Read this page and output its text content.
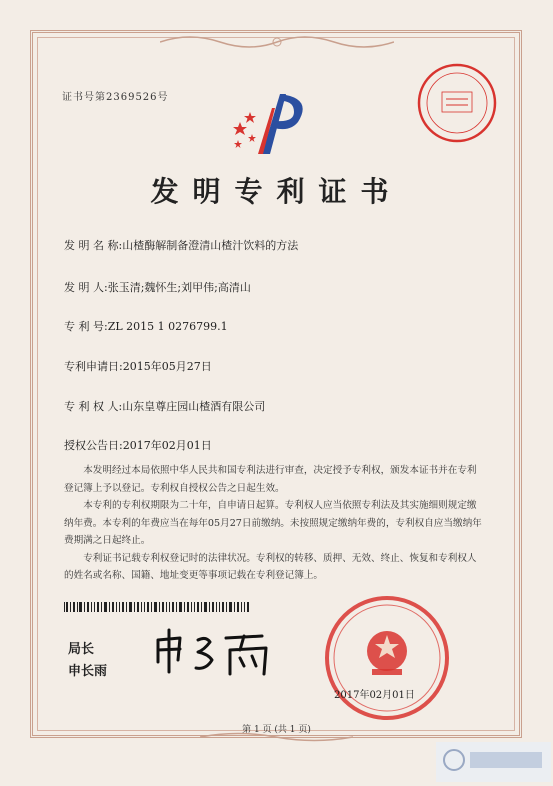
证书号第2369526号
发明专利证书
发 明 名 称:山楂酶解制备澄清山楂汁饮料的方法
发 明 人:张玉清;魏怀生;刘甲伟;高清山
专 利 号:ZL 2015 1 0276799.1
专利申请日:2015年05月27日
专 利 权 人:山东皇尊庄园山楂酒有限公司
授权公告日:2017年02月01日

本发明经过本局依照中华人民共和国专利法进行审查，决定授予专利权，颁发本证书并在专利登记簿上予以登记。专利权自授权公告之日起生效。

本专利的专利权期限为二十年，自申请日起算。专利权人应当依照专利法及其实施细则规定缴纳年费。本专利的年费应当在每年05月27日前缴纳。未按照规定缴纳年费的，专利权自应当缴纳年费期满之日起终止。

专利证书记载专利权登记时的法律状况。专利权的转移、质押、无效、终止、恢复和专利权人的姓名或名称、国籍、地址变更等事项记载在专利登记簿上。

局长
申长雨
2017年02月01日
第 1 页 (共 1 页)
